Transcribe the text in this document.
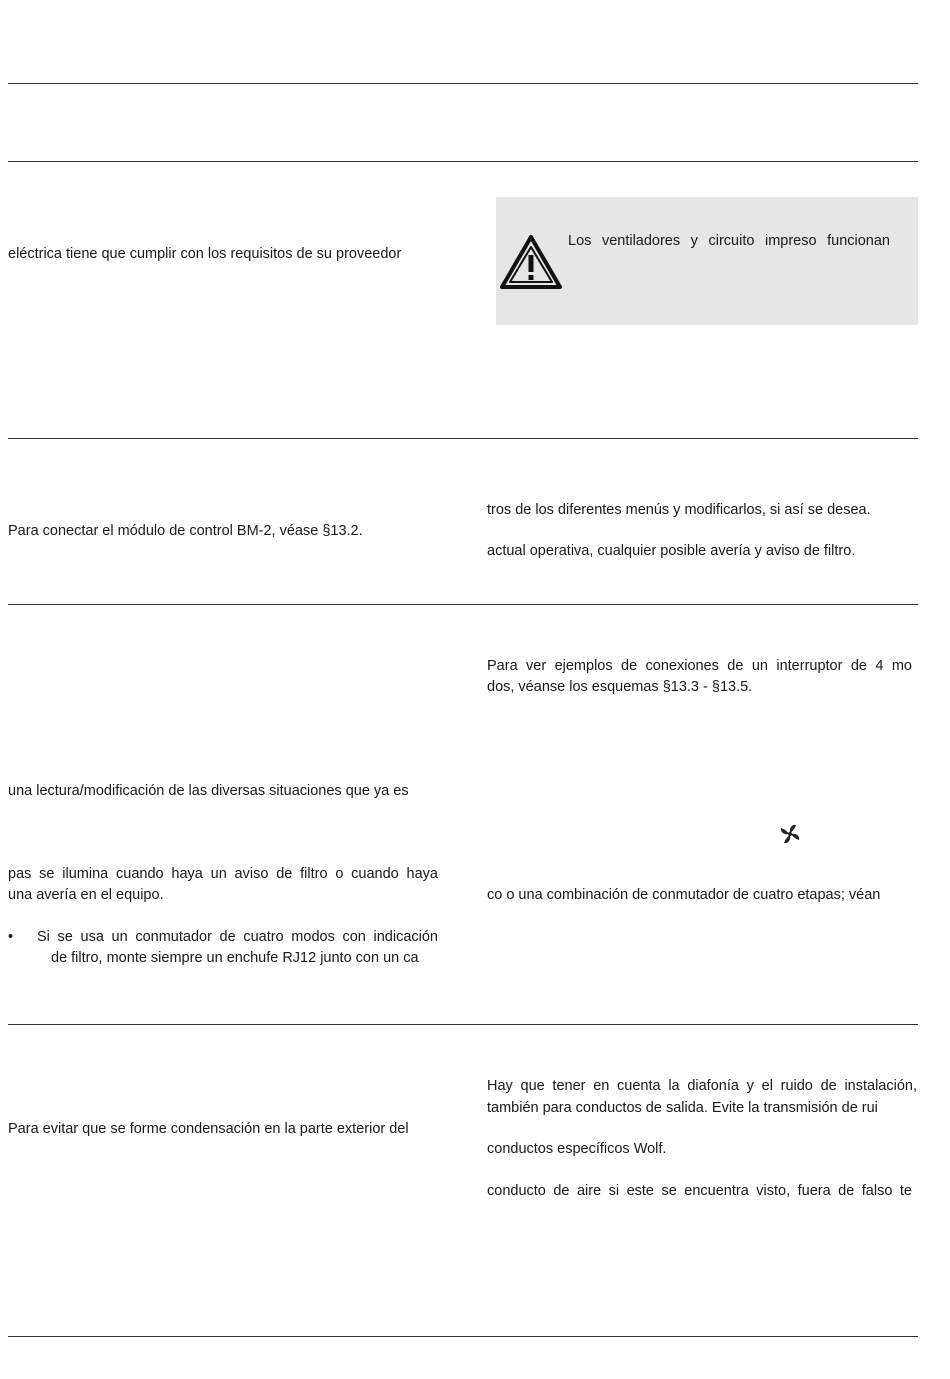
eléctrica tiene que cumplir con los requisitos de su proveedor
Los ventiladores y circuito impreso funcionan
tros de los diferentes menús y modificarlos, si así se desea.
Para conectar el módulo de control BM-2, véase §13.2.
actual operativa, cualquier posible avería y aviso de filtro.
Para ver ejemplos de conexiones de un interruptor de 4 mo
dos, véanse los esquemas §13.3 - §13.5.
una lectura/modificación de las diversas situaciones que ya es
pas se ilumina cuando haya un aviso de filtro o cuando haya
una avería en el equipo.	co o una combinación de conmutador de cuatro etapas; véan
• Si se usa un conmutador de cuatro modos con indicación
de filtro, monte siempre un enchufe RJ12 junto con un ca
Hay que tener en cuenta la diafonía y el ruido de instalación,
también para conductos de salida. Evite la transmisión de rui
Para evitar que se forme condensación en la parte exterior del
conductos específicos Wolf.
conducto de aire si este se encuentra visto, fuera de falso te
